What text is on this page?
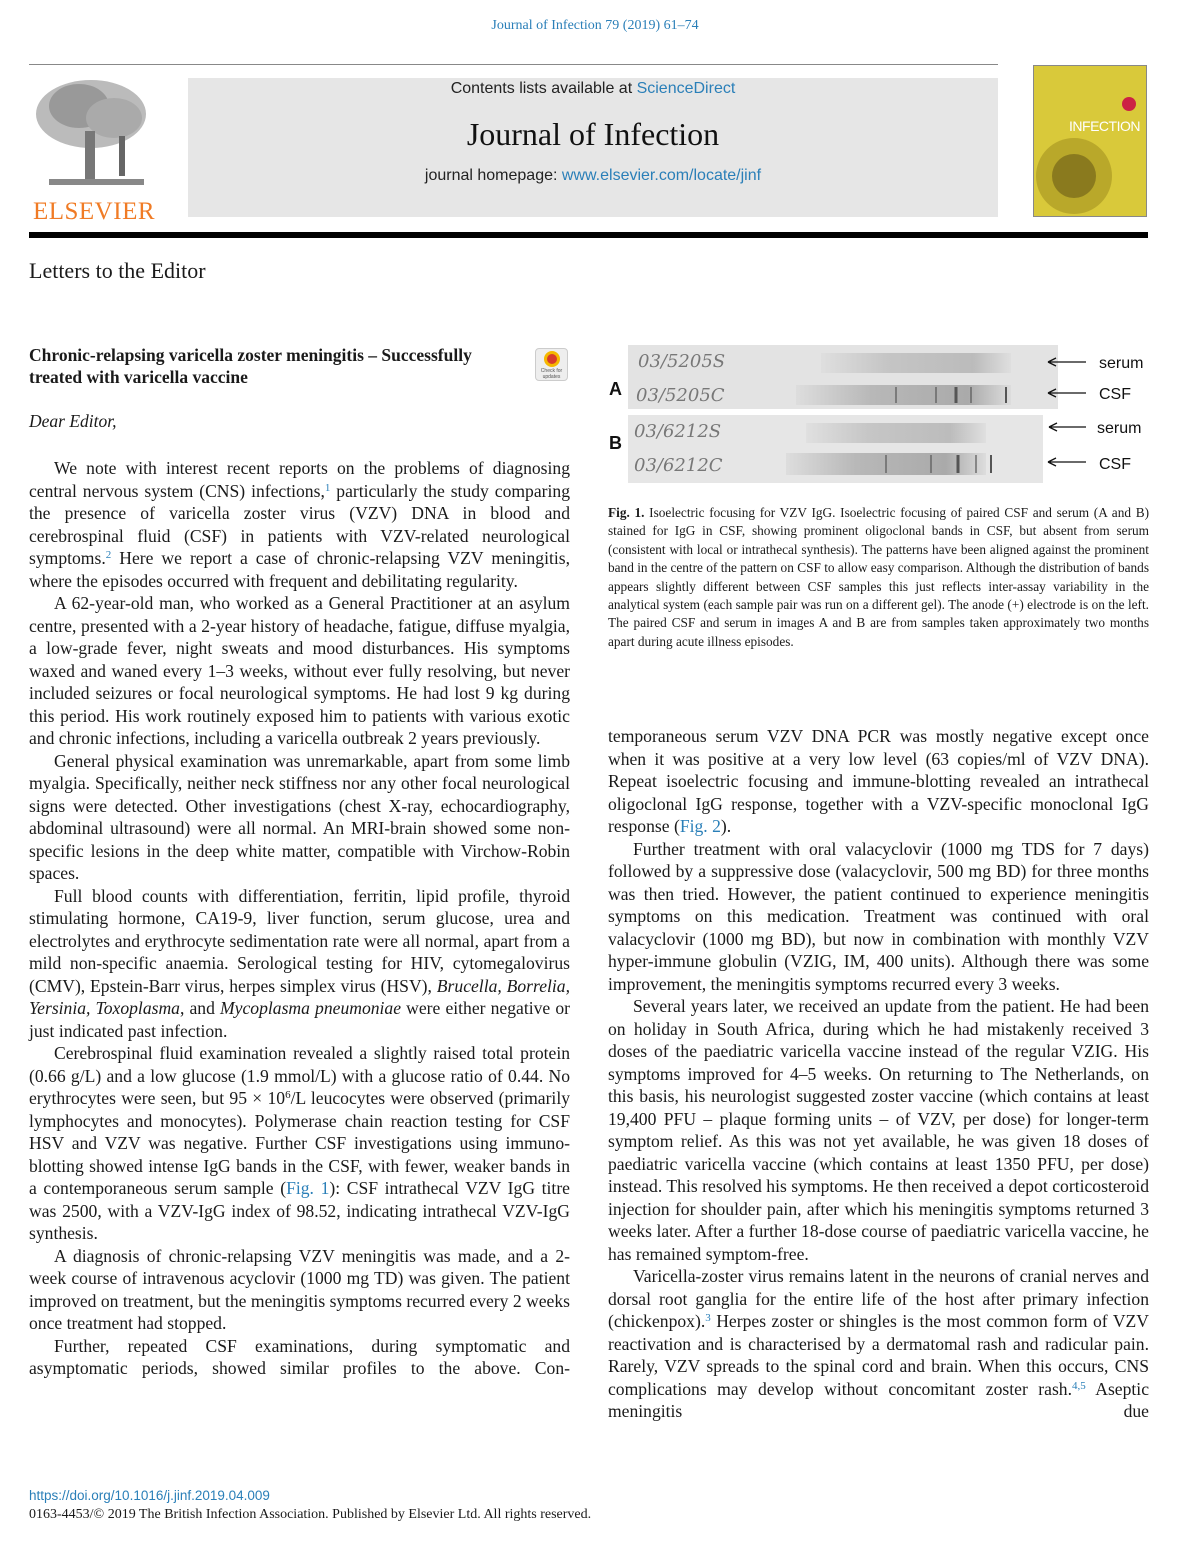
Journal of Infection 79 (2019) 61–74
ELSEVIER
Contents lists available at ScienceDirect
Journal of Infection
journal homepage: www.elsevier.com/locate/jinf
INFECTION
Letters to the Editor
Chronic-relapsing varicella zoster meningitis – Successfully treated with varicella vaccine	Check for updates
Dear Editor,

We note with interest recent reports on the problems of diagnosing central nervous system (CNS) infections,$^1$ particularly the study comparing the presence of varicella zoster virus (VZV) DNA in blood and cerebrospinal fluid (CSF) in patients with VZV-related neurological symptoms.$^2$ Here we report a case of chronic-relapsing VZV meningitis, where the episodes occurred with frequent and debilitating regularity.

A 62-year-old man, who worked as a General Practitioner at an asylum centre, presented with a 2-year history of headache, fatigue, diffuse myalgia, a low-grade fever, night sweats and mood disturbances. His symptoms waxed and waned every 1–3 weeks, without ever fully resolving, but never included seizures or focal neurological symptoms. He had lost 9 kg during this period. His work routinely exposed him to patients with various exotic and chronic infections, including a varicella outbreak 2 years previously.

General physical examination was unremarkable, apart from some limb myalgia. Specifically, neither neck stiffness nor any other focal neurological signs were detected. Other investigations (chest X-ray, echocardiography, abdominal ultrasound) were all normal. An MRI-brain showed some non-specific lesions in the deep white matter, compatible with Virchow-Robin spaces.

Full blood counts with differentiation, ferritin, lipid profile, thyroid stimulating hormone, CA19-9, liver function, serum glucose, urea and electrolytes and erythrocyte sedimentation rate were all normal, apart from a mild non-specific anaemia. Serological testing for HIV, cytomegalovirus (CMV), Epstein-Barr virus, herpes simplex virus (HSV), Brucella, Borrelia, Yersinia, Toxoplasma, and Mycoplasma pneumoniae were either negative or just indicated past infection.

Cerebrospinal fluid examination revealed a slightly raised total protein (0.66 g/L) and a low glucose (1.9 mmol/L) with a glucose ratio of 0.44. No erythrocytes were seen, but $95 \times 10^6/L$ leucocytes were observed (primarily lymphocytes and monocytes). Polymerase chain reaction testing for CSF HSV and VZV was negative. Further CSF investigations using immuno-blotting showed intense IgG bands in the CSF, with fewer, weaker bands in a contemporaneous serum sample (Fig. 1): CSF intrathecal VZV IgG titre was 2500, with a VZV-IgG index of 98.52, indicating intrathecal VZV-IgG synthesis.

A diagnosis of chronic-relapsing VZV meningitis was made, and a 2-week course of intravenous acyclovir (1000 mg TD) was given. The patient improved on treatment, but the meningitis symptoms recurred every 2 weeks once treatment had stopped.

Further, repeated CSF examinations, during symptomatic and asymptomatic periods, showed similar profiles to the above. Con-

03/5205S
03/5205C
03/6212S
03/6212C
A
B
serum
CSF
serum
CSF
Fig. 1. Isoelectric focusing for VZV IgG. Isoelectric focusing of paired CSF and serum (A and B) stained for IgG in CSF, showing prominent oligoclonal bands in CSF, but absent from serum (consistent with local or intrathecal synthesis). The patterns have been aligned against the prominent band in the centre of the pattern on CSF to allow easy comparison. Although the distribution of bands appears slightly different between CSF samples this just reflects inter-assay variability in the analytical system (each sample pair was run on a different gel). The anode (+) electrode is on the left. The paired CSF and serum in images A and B are from samples taken approximately two months apart during acute illness episodes.

temporaneous serum VZV DNA PCR was mostly negative except once when it was positive at a very low level (63 copies/ml of VZV DNA). Repeat isoelectric focusing and immune-blotting revealed an intrathecal oligoclonal IgG response, together with a VZV-specific monoclonal IgG response (Fig. 2).

Further treatment with oral valacyclovir (1000 mg TDS for 7 days) followed by a suppressive dose (valacyclovir, 500 mg BD) for three months was then tried. However, the patient continued to experience meningitis symptoms on this medication. Treatment was continued with oral valacyclovir (1000 mg BD), but now in combination with monthly VZV hyper-immune globulin (VZIG, IM, 400 units). Although there was some improvement, the meningitis symptoms recurred every 3 weeks.

Several years later, we received an update from the patient. He had been on holiday in South Africa, during which he had mistakenly received 3 doses of the paediatric varicella vaccine instead of the regular VZIG. His symptoms improved for 4–5 weeks. On returning to The Netherlands, on this basis, his neurologist suggested zoster vaccine (which contains at least 19,400 PFU – plaque forming units – of VZV, per dose) for longer-term symptom relief. As this was not yet available, he was given 18 doses of paediatric varicella vaccine (which contains at least 1350 PFU, per dose) instead. This resolved his symptoms. He then received a depot corticosteroid injection for shoulder pain, after which his meningitis symptoms returned 3 weeks later. After a further 18-dose course of paediatric varicella vaccine, he has remained symptom-free.

Varicella-zoster virus remains latent in the neurons of cranial nerves and dorsal root ganglia for the entire life of the host after primary infection (chickenpox).$^3$ Herpes zoster or shingles is the most common form of VZV reactivation and is characterised by a dermatomal rash and radicular pain. Rarely, VZV spreads to the spinal cord and brain. When this occurs, CNS complications may develop without concomitant zoster rash.$^{4,5}$ Aseptic meningitis due

https://doi.org/10.1016/j.jinf.2019.04.009
0163-4453/© 2019 The British Infection Association. Published by Elsevier Ltd. All rights reserved.
